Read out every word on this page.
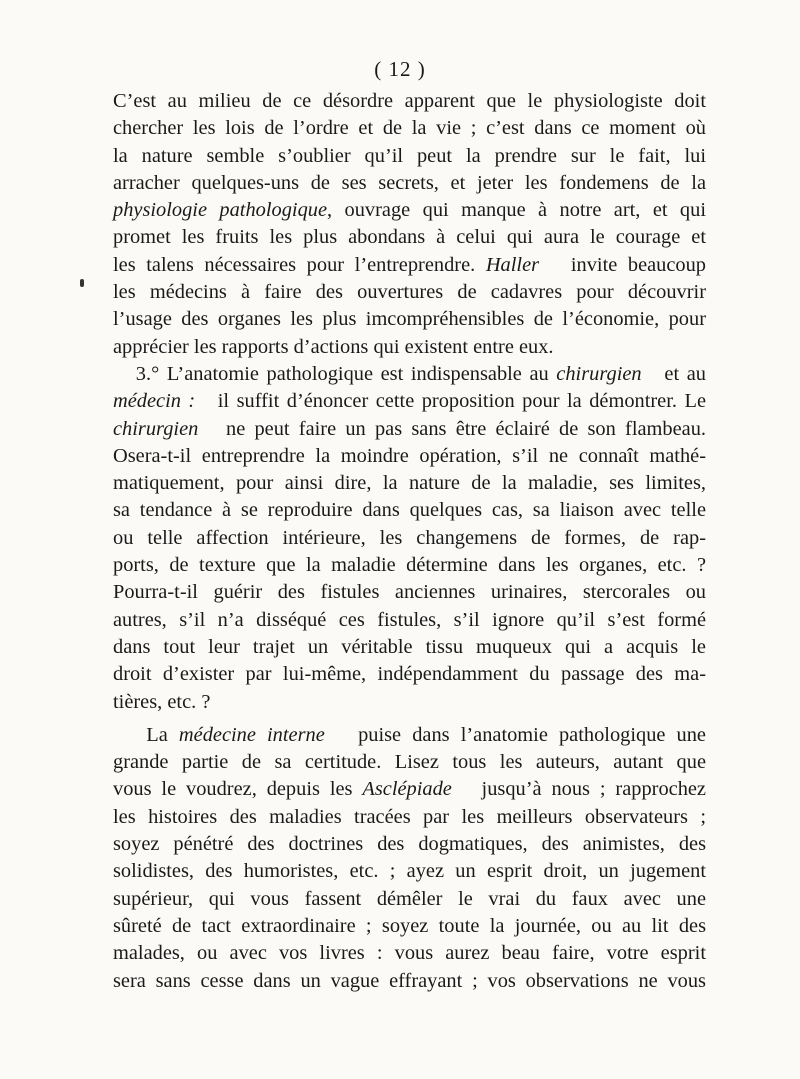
( 12 )
C’est au milieu de ce désordre apparent que le physiologiste doit
chercher les lois de l’ordre et de la vie ; c’est dans ce moment où
la nature semble s’oublier qu’il peut la prendre sur le fait, lui
arracher quelques-uns de ses secrets, et jeter les fondemens de la
physiologie pathologique, ouvrage qui manque à notre art, et qui
promet les fruits les plus abondans à celui qui aura le courage et
les talens nécessaires pour l’entreprendre. Haller   invite beaucoup
les médecins à faire des ouvertures de cadavres pour découvrir
l’usage des organes les plus imcompréhensibles de l’économie, pour
apprécier les rapports d’actions qui existent entre eux.
3.° L’anatomie pathologique est indispensable au chirurgien   et au
médecin :   il suffit d’énoncer cette proposition pour la démontrer. Le
chirurgien   ne peut faire un pas sans être éclairé de son flambeau.
Osera-t-il entreprendre la moindre opération, s’il ne connaît mathé-
matiquement, pour ainsi dire, la nature de la maladie, ses limites,
sa tendance à se reproduire dans quelques cas, sa liaison avec telle
ou telle affection intérieure, les changemens de formes, de rap-
ports, de texture que la maladie détermine dans les organes, etc. ?
Pourra-t-il guérir des fistules anciennes urinaires, stercorales ou
autres, s’il n’a disséqué ces fistules, s’il ignore qu’il s’est formé
dans tout leur trajet un véritable tissu muqueux qui a acquis le
droit d’exister par lui-même, indépendamment du passage des ma-
tières, etc. ?
La médecine interne   puise dans l’anatomie pathologique une
grande partie de sa certitude. Lisez tous les auteurs, autant que
vous le voudrez, depuis les Asclépiade   jusqu’à nous ; rapprochez
les histoires des maladies tracées par les meilleurs observateurs ;
soyez pénétré des doctrines des dogmatiques, des animistes, des
solidistes, des humoristes, etc. ; ayez un esprit droit, un jugement
supérieur, qui vous fassent démêler le vrai du faux avec une
sûreté de tact extraordinaire ; soyez toute la journée, ou au lit des
malades, ou avec vos livres : vous aurez beau faire, votre esprit
sera sans cesse dans un vague effrayant ; vos observations ne vous
